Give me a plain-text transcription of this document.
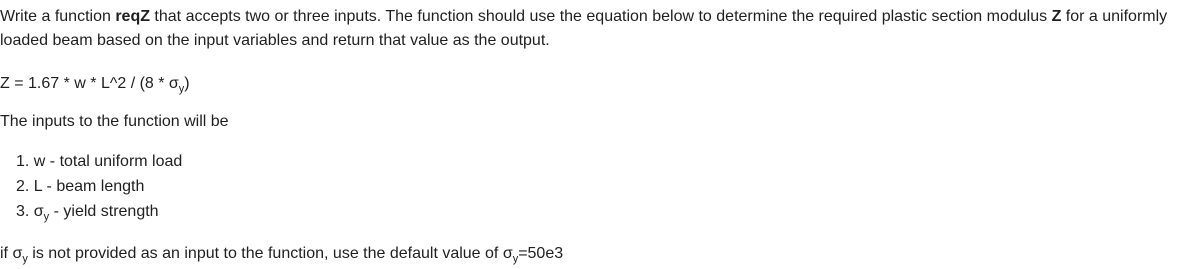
Write a function reqZ that accepts two or three inputs. The function should use the equation below to determine the required plastic section modulus Z for a uniformly

loaded beam based on the input variables and return that value as the output.

Z = 1.67 * w * L^2 / $(8 * \sigma_y)$

The inputs to the function will be

1. w - total uniform load
2. L - beam length
3. $\sigma_y$ - yield strength

if $\sigma_y$ is not provided as an input to the function, use the default value of $\sigma_y=50e3$
